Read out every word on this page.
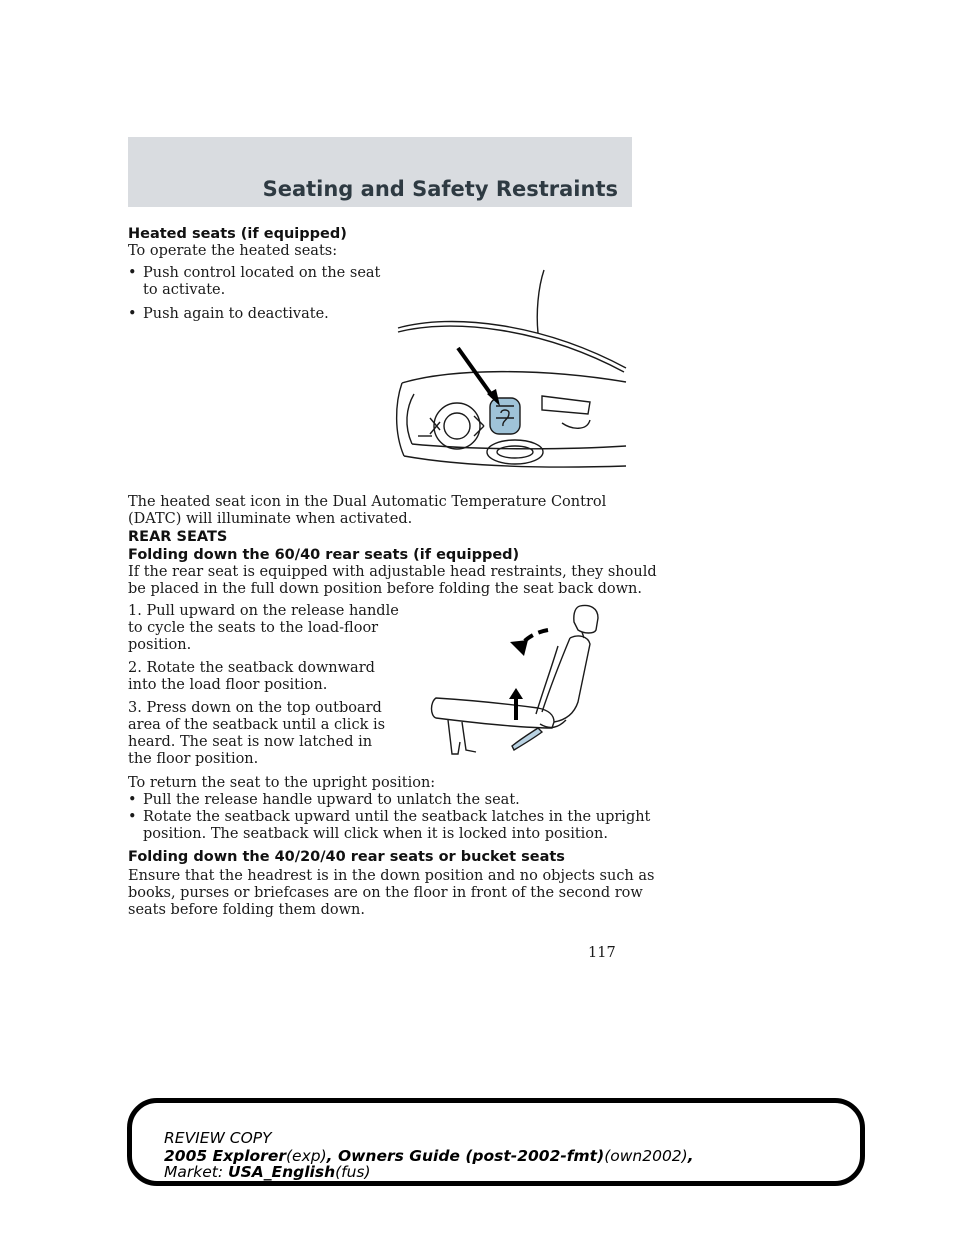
Seating and Safety Restraints
Heated seats (if equipped)
To operate the heated seats:
• Push control located on the seat
to activate.
• Push again to deactivate.
The heated seat icon in the Dual Automatic Temperature Control
(DATC) will illuminate when activated.
REAR SEATS
Folding down the 60/40 rear seats (if equipped)
If the rear seat is equipped with adjustable head restraints, they should
be placed in the full down position before folding the seat back down.
1. Pull upward on the release handle
to cycle the seats to the load-floor
position.
2. Rotate the seatback downward
into the load floor position.
3. Press down on the top outboard
area of the seatback until a click is
heard. The seat is now latched in
the floor position.
To return the seat to the upright position:
• Pull the release handle upward to unlatch the seat.
• Rotate the seatback upward until the seatback latches in the upright
position. The seatback will click when it is locked into position.
Folding down the 40/20/40 rear seats or bucket seats
Ensure that the headrest is in the down position and no objects such as
books, purses or briefcases are on the floor in front of the second row
seats before folding them down.
117
REVIEW COPY
2005 Explorer(exp), Owners Guide (post-2002-fmt)(own2002),
Market: USA_English(fus)
